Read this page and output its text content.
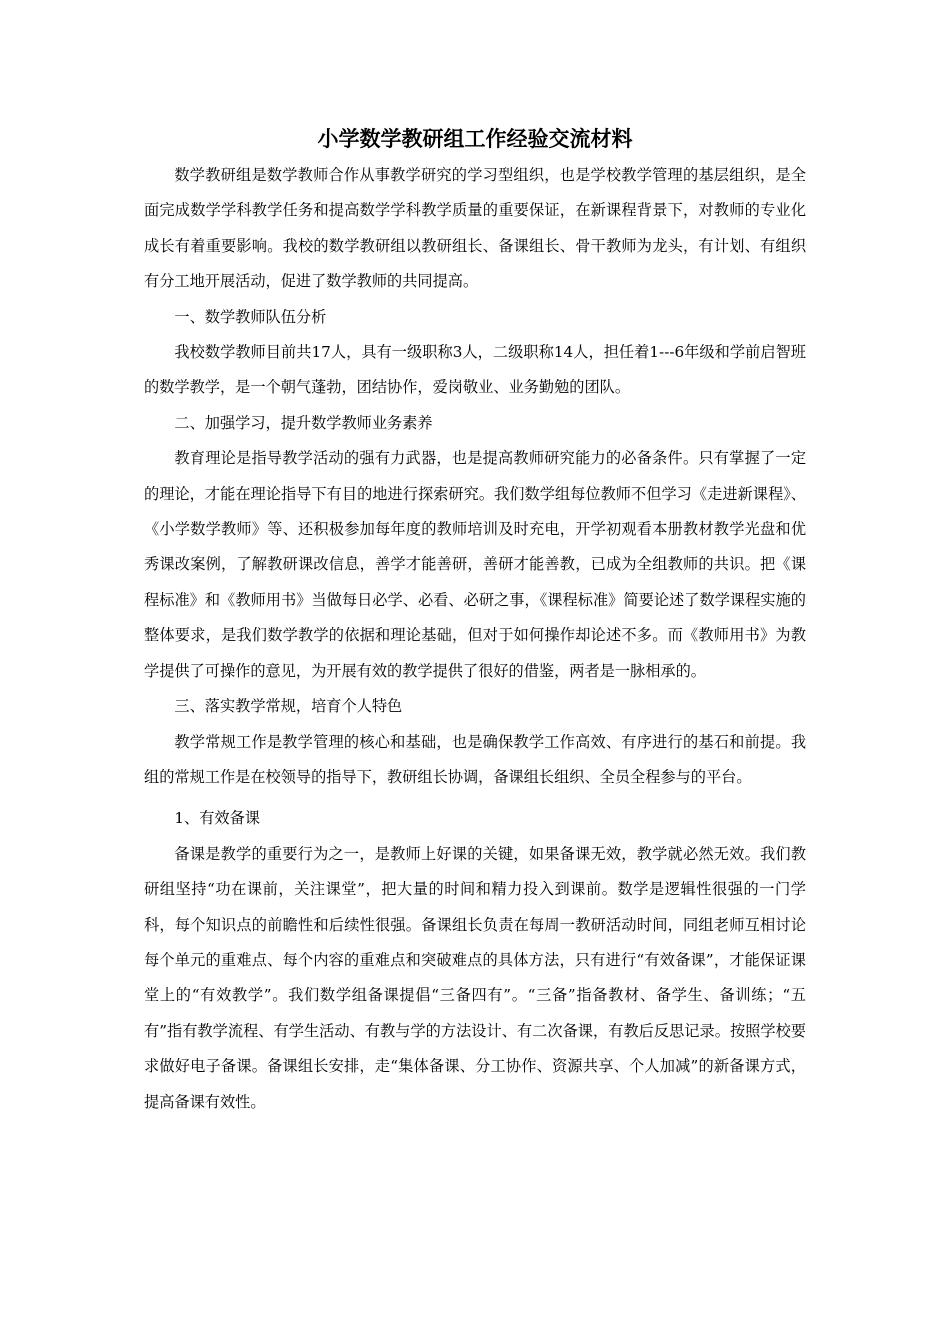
小学数学教研组工作经验交流材料

数学教研组是数学教师合作从事教学研究的学习型组织，也是学校教学管理的基层组织，是全面完成数学学科教学任务和提高数学学科教学质量的重要保证，在新课程背景下，对教师的专业化成长有着重要影响。我校的数学教研组以教研组长、备课组长、骨干教师为龙头，有计划、有组织有分工地开展活动，促进了数学教师的共同提高。

一、数学教师队伍分析

我校数学教师目前共17人，具有一级职称3人，二级职称14人，担任着1---6年级和学前启智班的数学教学，是一个朝气蓬勃，团结协作，爱岗敬业、业务勤勉的团队。

二、加强学习，提升数学教师业务素养

教育理论是指导教学活动的强有力武器，也是提高教师研究能力的必备条件。只有掌握了一定的理论，才能在理论指导下有目的地进行探索研究。我们数学组每位教师不但学习《走进新课程》、《小学数学教师》等、还积极参加每年度的教师培训及时充电，开学初观看本册教材教学光盘和优秀课改案例，了解教研课改信息，善学才能善研，善研才能善教，已成为全组教师的共识。把《课程标准》和《教师用书》当做每日必学、必看、必研之事，《课程标准》简要论述了数学课程实施的整体要求，是我们数学教学的依据和理论基础，但对于如何操作却论述不多。而《教师用书》为教学提供了可操作的意见，为开展有效的教学提供了很好的借鉴，两者是一脉相承的。

三、落实教学常规，培育个人特色

教学常规工作是教学管理的核心和基础，也是确保教学工作高效、有序进行的基石和前提。我组的常规工作是在校领导的指导下，教研组长协调，备课组长组织、全员全程参与的平台。

1、有效备课

备课是教学的重要行为之一，是教师上好课的关键，如果备课无效，教学就必然无效。我们教研组坚持“功在课前，关注课堂”，把大量的时间和精力投入到课前。数学是逻辑性很强的一门学科，每个知识点的前瞻性和后续性很强。备课组长负责在每周一教研活动时间，同组老师互相讨论每个单元的重难点、每个内容的重难点和突破难点的具体方法，只有进行“有效备课”，才能保证课堂上的“有效教学”。我们数学组备课提倡“三备四有”。“三备”指备教材、备学生、备训练；“五有”指有教学流程、有学生活动、有教与学的方法设计、有二次备课，有教后反思记录。按照学校要求做好电子备课。备课组长安排，走“集体备课、分工协作、资源共享、个人加减”的新备课方式，提高备课有效性。
